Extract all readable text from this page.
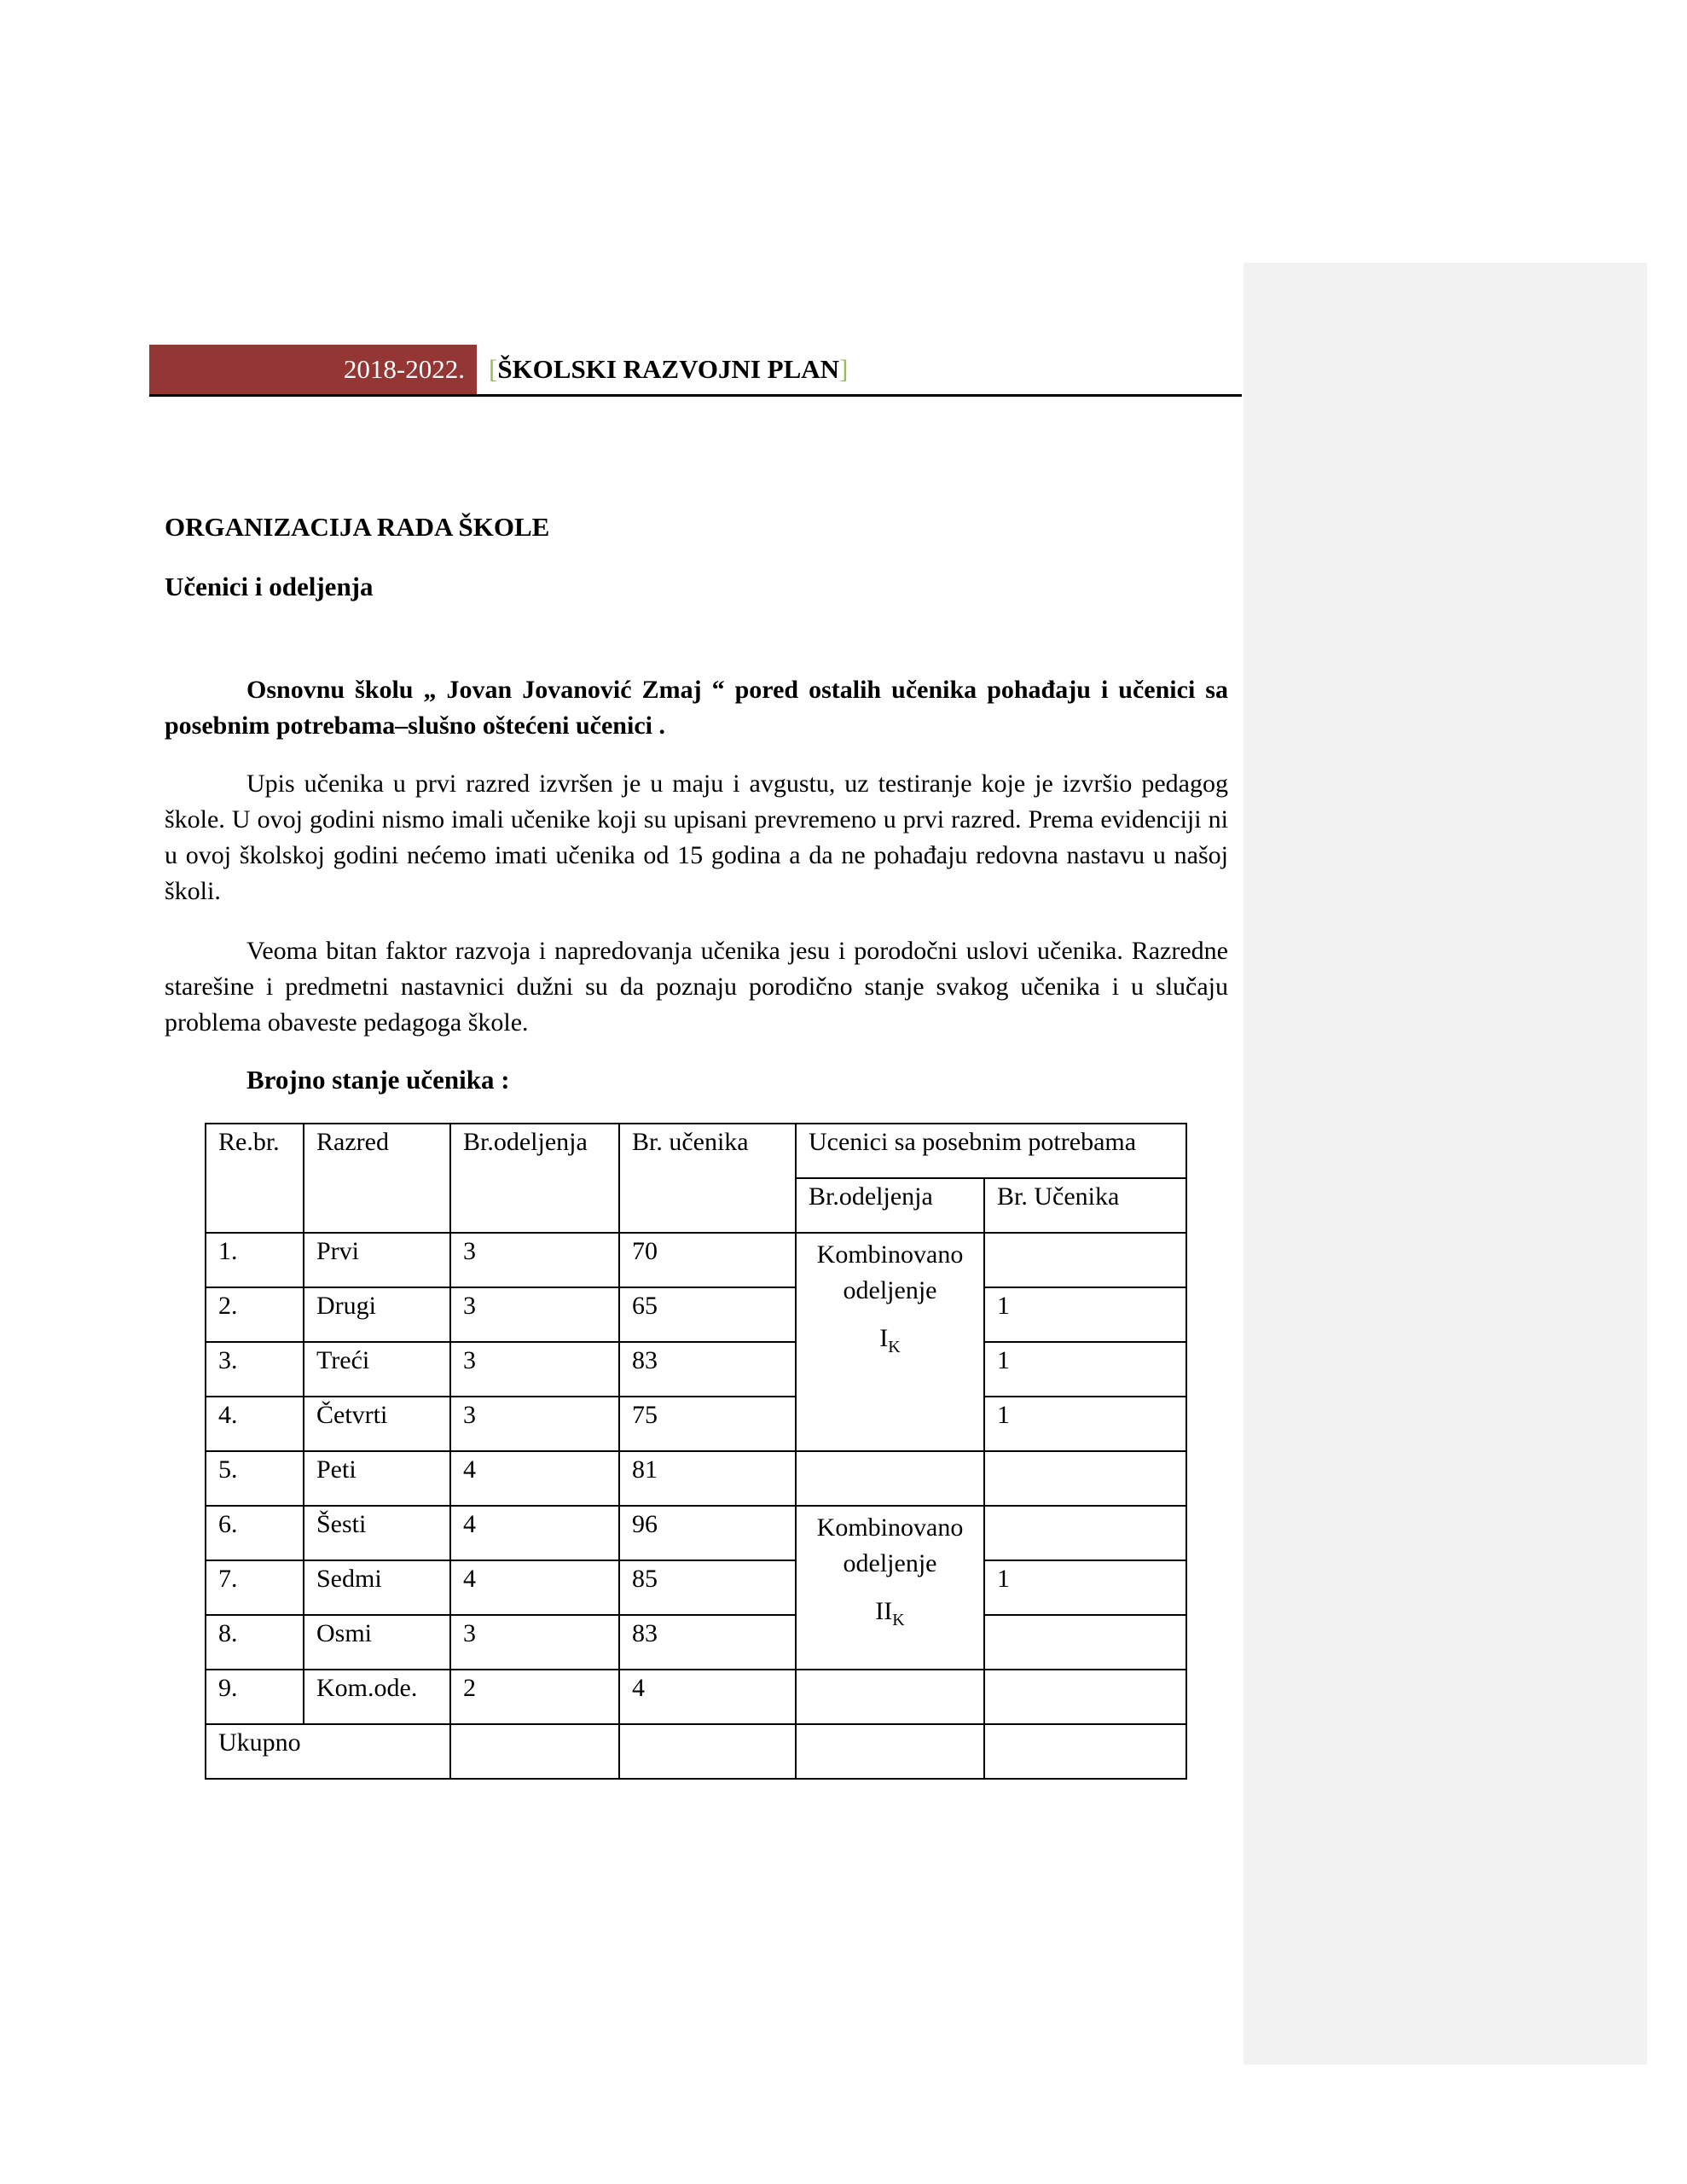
2018-2022. [ ŠKOLSKI RAZVOJNI PLAN ]

ORGANIZACIJA RADA ŠKOLE

Učenici i odeljenja

Osnovnu školu „ Jovan Jovanović Zmaj “ pored ostalih učenika pohađaju i učenici sa posebnim potrebama–slušno oštećeni učenici .

Upis učenika u prvi razred izvršen je u maju i avgustu, uz testiranje koje je izvršio pedagog škole. U ovoj godini nismo imali učenike koji su upisani prevremeno u prvi razred. Prema evidenciji ni u ovoj školskoj godini nećemo imati učenika od 15 godina a da ne pohađaju redovna nastavu u našoj školi.

Veoma bitan faktor razvoja i napredovanja učenika jesu i porodočni uslovi učenika. Razredne starešine i predmetni nastavnici dužni su da poznaju porodično stanje svakog učenika i u slučaju problema obaveste pedagoga škole.

Brojno stanje učenika :

Re.br.	Razred	Br.odeljenja	Br. učenika	Ucenici sa posebnim potrebama	
				Br.odeljenja	Br. Učenika
1.	Prvi	3	70	Kombinovano
odeljenje
$I_K$

2.	Drugi	3	65		1
3.	Treći	3	83		1
4.	Četvrti	3	75		1
5.	Peti	4	81		
6.	Šesti	4	96	Kombinovano
odeljenje
$II_K$

7.	Sedmi	4	85		1
8.	Osmi	3	83		
9.	Kom.ode.	2	4		
Ukupno					
